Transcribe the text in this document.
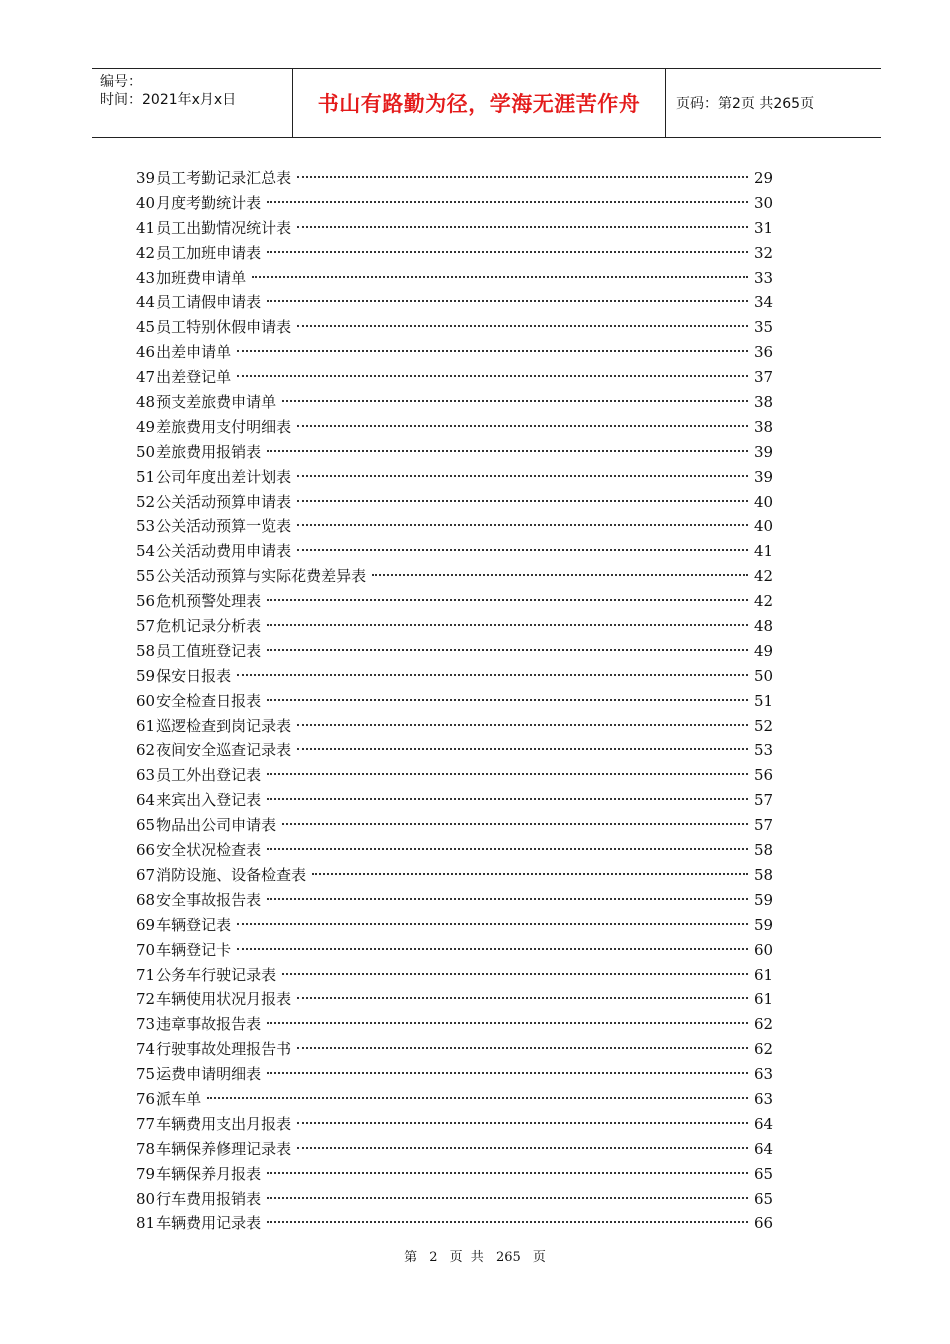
编号：
时间：2021年x月x日	书山有路勤为径，学海无涯苦作舟	页码：第2页 共265页
39 员工考勤记录汇总表	29
40 月度考勤统计表	30
41 员工出勤情况统计表	31
42 员工加班申请表	32
43 加班费申请单	33
44 员工请假申请表	34
45 员工特别休假申请表	35
46 出差申请单	36
47 出差登记单	37
48 预支差旅费申请单	38
49 差旅费用支付明细表	38
50 差旅费用报销表	39
51 公司年度出差计划表	39
52 公关活动预算申请表	40
53 公关活动预算一览表	40
54 公关活动费用申请表	41
55 公关活动预算与实际花费差异表	42
56 危机预警处理表	42
57 危机记录分析表	48
58 员工值班登记表	49
59 保安日报表	50
60 安全检查日报表	51
61 巡逻检查到岗记录表	52
62 夜间安全巡查记录表	53
63 员工外出登记表	56
64 来宾出入登记表	57
65 物品出公司申请表	57
66 安全状况检查表	58
67 消防设施、设备检查表	58
68 安全事故报告表	59
69 车辆登记表	59
70 车辆登记卡	60
71 公务车行驶记录表	61
72 车辆使用状况月报表	61
73 违章事故报告表	62
74 行驶事故处理报告书	62
75 运费申请明细表	63
76 派车单	63
77 车辆费用支出月报表	64
78 车辆保养修理记录表	64
79 车辆保养月报表	65
80 行车费用报销表	65
81 车辆费用记录表	66
第 2 页 共 265 页
